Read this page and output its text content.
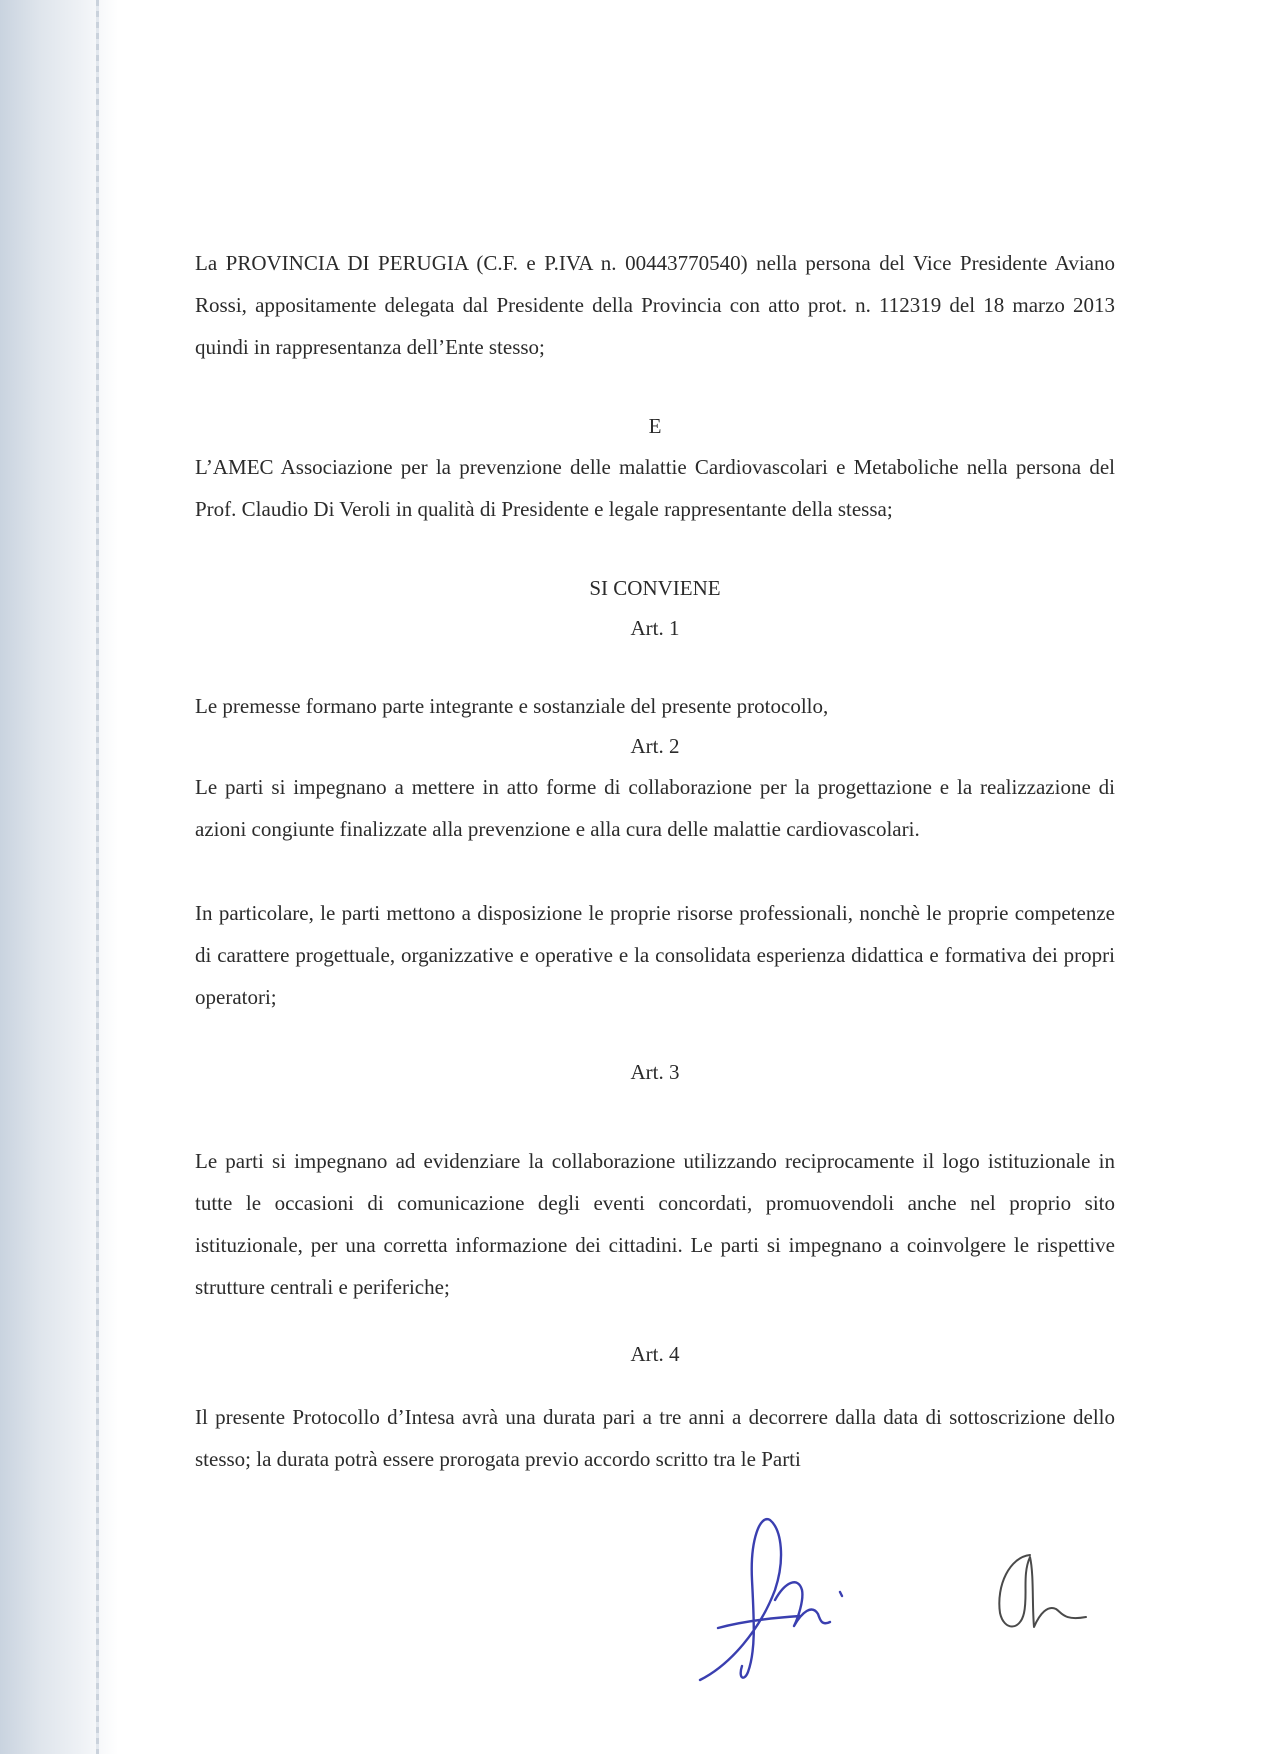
La PROVINCIA DI PERUGIA (C.F. e P.IVA n. 00443770540) nella persona del Vice Presidente Aviano Rossi, appositamente delegata dal Presidente della Provincia con atto prot. n. 112319 del 18 marzo 2013 quindi in rappresentanza dell’Ente stesso;
E
L’AMEC Associazione per la prevenzione delle malattie Cardiovascolari e Metaboliche nella persona del Prof. Claudio Di Veroli in qualità di Presidente e legale rappresentante della stessa;
SI CONVIENE
Art. 1
Le premesse formano parte integrante e sostanziale del presente protocollo,
Art. 2
Le parti si impegnano a mettere in atto forme di collaborazione per la progettazione e la realizzazione di azioni congiunte finalizzate alla prevenzione e alla cura delle malattie cardiovascolari.
In particolare, le parti mettono a disposizione le proprie risorse professionali, nonchè le proprie competenze di carattere progettuale, organizzative e operative e la consolidata esperienza didattica e formativa dei propri operatori;
Art. 3
Le parti si impegnano ad evidenziare la collaborazione utilizzando reciprocamente il logo istituzionale in tutte le occasioni di comunicazione degli eventi concordati, promuovendoli anche nel proprio sito istituzionale, per una corretta informazione dei cittadini. Le parti si impegnano a coinvolgere le rispettive strutture centrali e periferiche;
Art. 4
Il presente Protocollo d’Intesa avrà una durata pari a tre anni a decorrere dalla data di sottoscrizione dello stesso; la durata potrà essere prorogata previo accordo scritto tra le Parti
